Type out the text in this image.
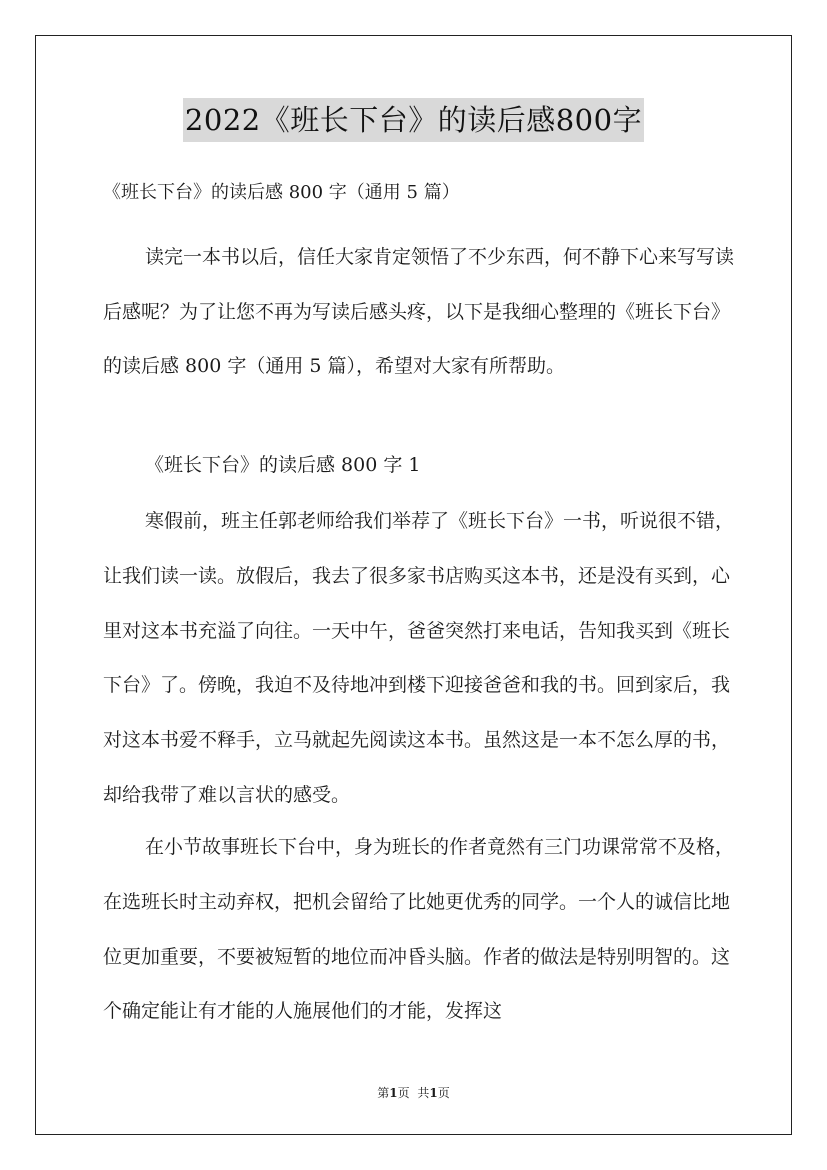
2022《班长下台》的读后感800字
《班长下台》的读后感 800 字（通用 5 篇）

读完一本书以后，信任大家肯定领悟了不少东西，何不静下心来写写读后感呢？为了让您不再为写读后感头疼，以下是我细心整理的《班长下台》的读后感 800 字（通用 5 篇），希望对大家有所帮助。

《班长下台》的读后感 800 字 1

寒假前，班主任郭老师给我们举荐了《班长下台》一书，听说很不错，让我们读一读。放假后，我去了很多家书店购买这本书，还是没有买到，心里对这本书充溢了向往。一天中午，爸爸突然打来电话，告知我买到《班长下台》了。傍晚，我迫不及待地冲到楼下迎接爸爸和我的书。回到家后，我对这本书爱不释手，立马就起先阅读这本书。虽然这是一本不怎么厚的书，却给我带了难以言状的感受。

在小节故事班长下台中，身为班长的作者竟然有三门功课常常不及格，在选班长时主动弃权，把机会留给了比她更优秀的同学。一个人的诚信比地位更加重要，不要被短暂的地位而冲昏头脑。作者的做法是特别明智的。这个确定能让有才能的人施展他们的才能，发挥这

第1页 共1页
